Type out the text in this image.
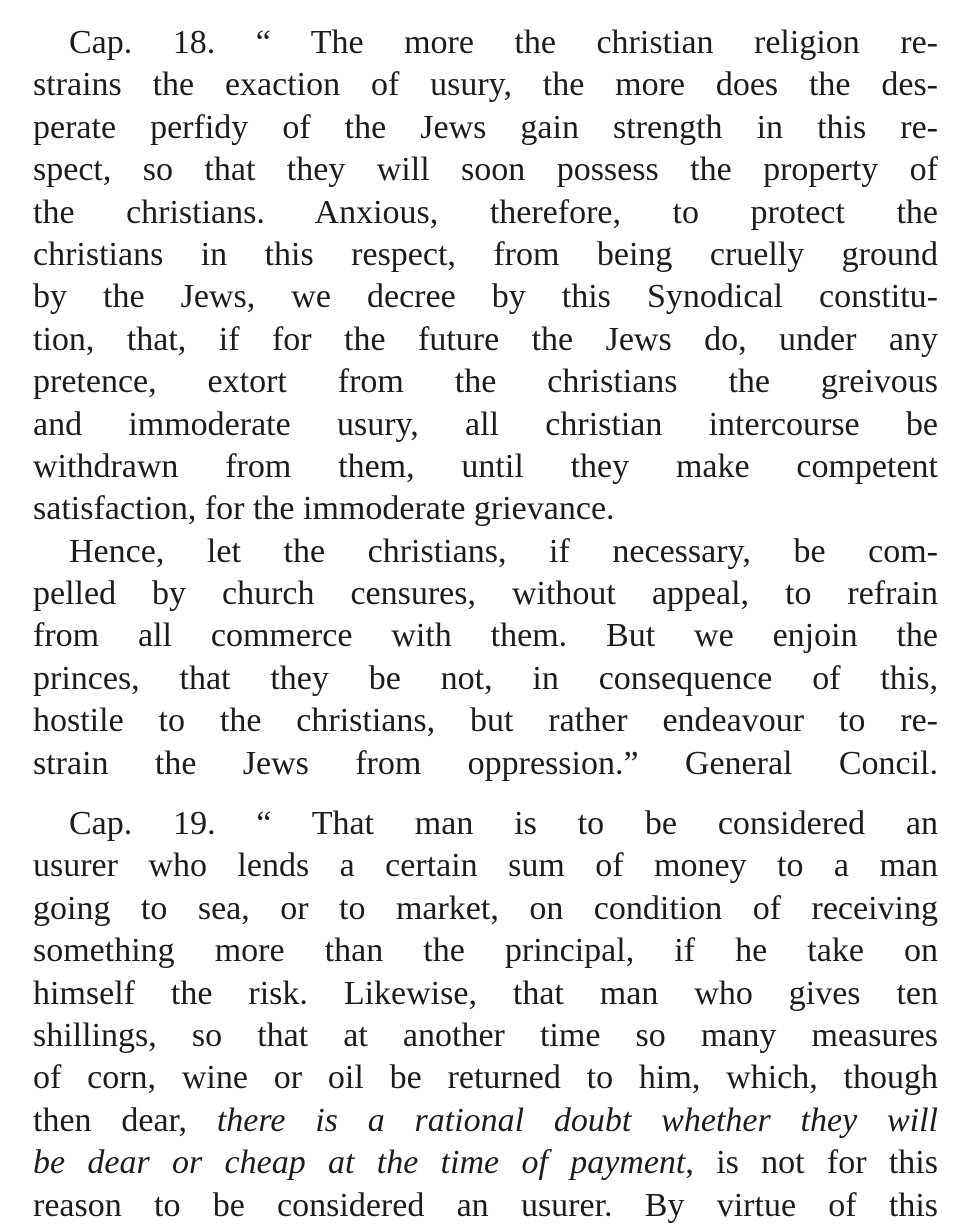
Cap. 18. “ The more the christian religion re-
strains the exaction of usury, the more does the des-
perate perfidy of the Jews gain strength in this re-
spect, so that they will soon possess the property of
the christians. Anxious, therefore, to protect the
christians in this respect, from being cruelly ground
by the Jews, we decree by this Synodical constitu-
tion, that, if for the future the Jews do, under any
pretence, extort from the christians the greivous
and immoderate usury, all christian intercourse be
withdrawn from them, until they make competent
satisfaction, for the immoderate grievance.
Hence, let the christians, if necessary, be com-
pelled by church censures, without appeal, to refrain
from all commerce with them. But we enjoin the
princes, that they be not, in consequence of this,
hostile to the christians, but rather endeavour to re-
strain the Jews from oppression.” General Concil.
Cap. 19. “ That man is to be considered an
usurer who lends a certain sum of money to a man
going to sea, or to market, on condition of receiving
something more than the principal, if he take on
himself the risk. Likewise, that man who gives ten
shillings, so that at another time so many measures
of corn, wine or oil be returned to him, which, though
then dear, there is a rational doubt whether they will
be dear or cheap at the time of payment, is not for this
reason to be considered an usurer. By virtue of this
